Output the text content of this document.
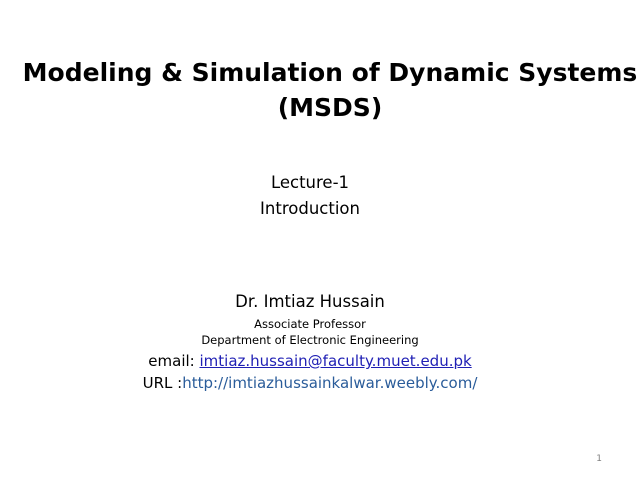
Modeling & Simulation of Dynamic Systems
(MSDS)
Lecture-1
Introduction
Dr. Imtiaz Hussain
Associate Professor
Department of Electronic Engineering
email: imtiaz.hussain@faculty.muet.edu.pk
URL :http://imtiazhussainkalwar.weebly.com/
1
